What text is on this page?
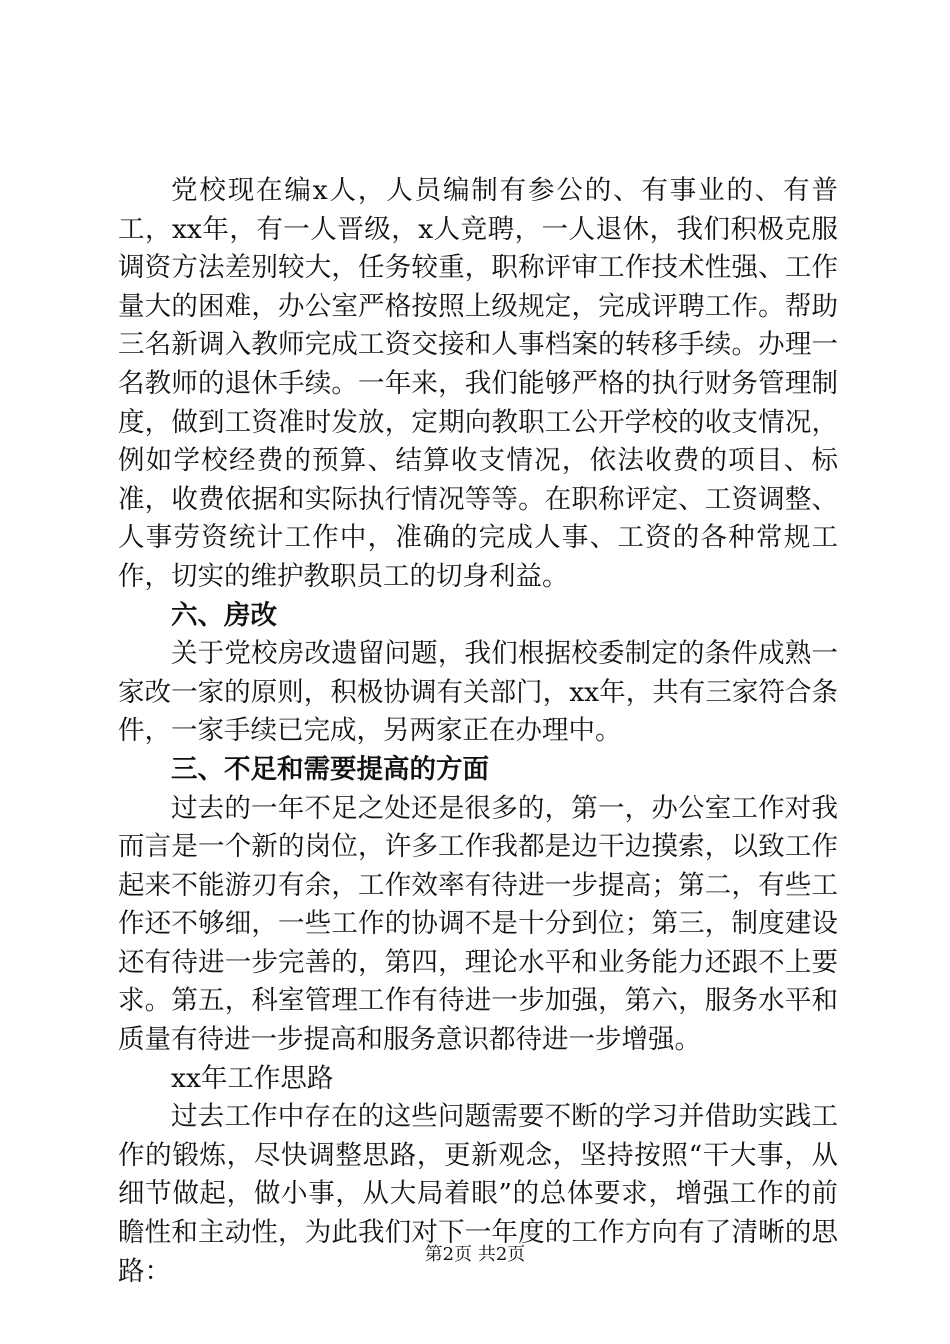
党校现在编x人，人员编制有参公的、有事业的、有普工，xx年，有一人晋级，x人竞聘，一人退休，我们积极克服调资方法差别较大，任务较重，职称评审工作技术性强、工作量大的困难，办公室严格按照上级规定，完成评聘工作。帮助三名新调入教师完成工资交接和人事档案的转移手续。办理一名教师的退休手续。一年来，我们能够严格的执行财务管理制度，做到工资准时发放，定期向教职工公开学校的收支情况，例如学校经费的预算、结算收支情况，依法收费的项目、标准，收费依据和实际执行情况等等。在职称评定、工资调整、人事劳资统计工作中，准确的完成人事、工资的各种常规工作，切实的维护教职员工的切身利益。

六、房改

关于党校房改遗留问题，我们根据校委制定的条件成熟一家改一家的原则，积极协调有关部门，xx年，共有三家符合条件，一家手续已完成，另两家正在办理中。

三、不足和需要提高的方面

过去的一年不足之处还是很多的，第一，办公室工作对我而言是一个新的岗位，许多工作我都是边干边摸索，以致工作起来不能游刃有余，工作效率有待进一步提高；第二，有些工作还不够细，一些工作的协调不是十分到位；第三，制度建设还有待进一步完善的，第四，理论水平和业务能力还跟不上要求。第五，科室管理工作有待进一步加强，第六，服务水平和质量有待进一步提高和服务意识都待进一步增强。

xx年工作思路

过去工作中存在的这些问题需要不断的学习并借助实践工作的锻炼，尽快调整思路，更新观念，坚持按照“干大事，从细节做起，做小事，从大局着眼”的总体要求，增强工作的前瞻性和主动性，为此我们对下一年度的工作方向有了清晰的思路：

第2页 共2页
